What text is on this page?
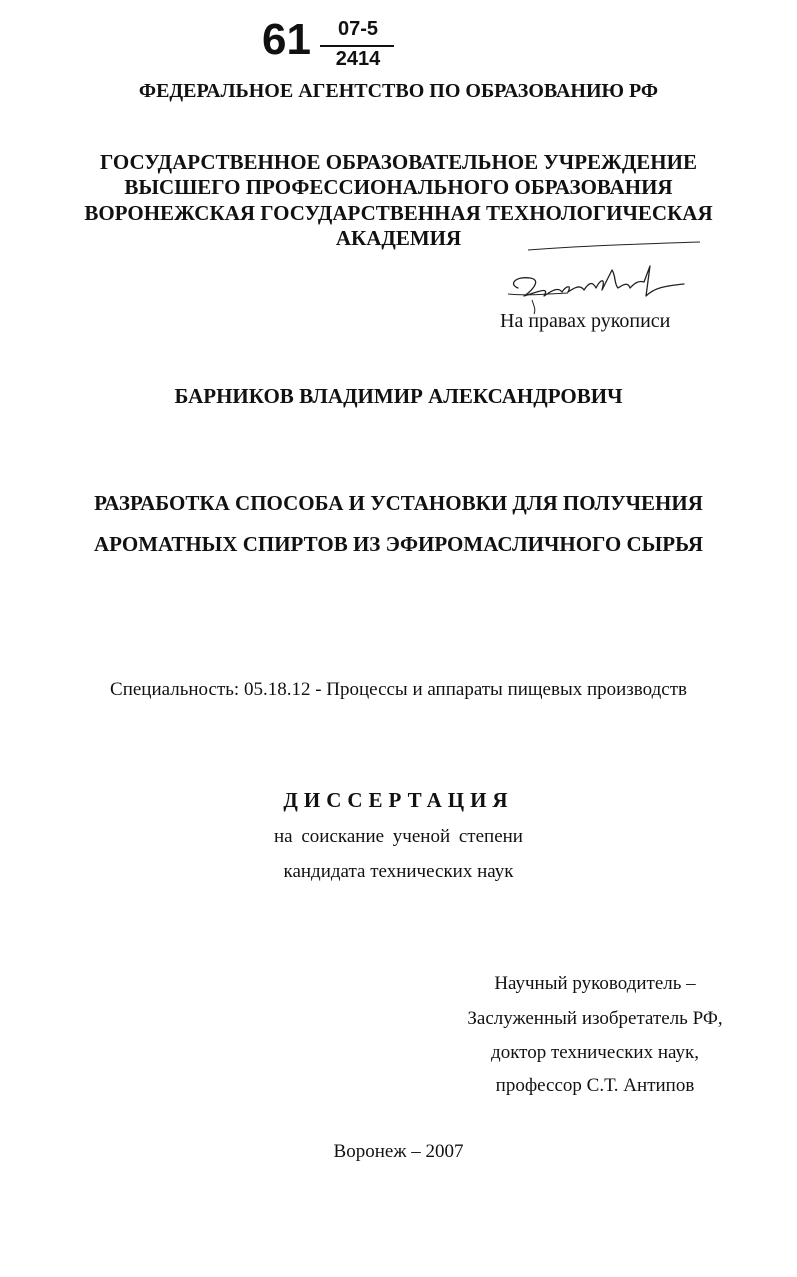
61	07-5
2414
ФЕДЕРАЛЬНОЕ АГЕНТСТВО ПО ОБРАЗОВАНИЮ РФ
ГОСУДАРСТВЕННОЕ ОБРАЗОВАТЕЛЬНОЕ УЧРЕЖДЕНИЕ
ВЫСШЕГО ПРОФЕССИОНАЛЬНОГО ОБРАЗОВАНИЯ
ВОРОНЕЖСКАЯ ГОСУДАРСТВЕННАЯ ТЕХНОЛОГИЧЕСКАЯ
АКАДЕМИЯ
На правах рукописи
БАРНИКОВ ВЛАДИМИР АЛЕКСАНДРОВИЧ
РАЗРАБОТКА СПОСОБА И УСТАНОВКИ ДЛЯ ПОЛУЧЕНИЯ
АРОМАТНЫХ СПИРТОВ ИЗ ЭФИРОМАСЛИЧНОГО СЫРЬЯ
Специальность: 05.18.12 - Процессы и аппараты пищевых производств
ДИССЕРТАЦИЯ
на соискание ученой степени
кандидата технических наук
Научный руководитель –
Заслуженный изобретатель РФ,
доктор технических наук,
профессор С.Т. Антипов
Воронеж – 2007
